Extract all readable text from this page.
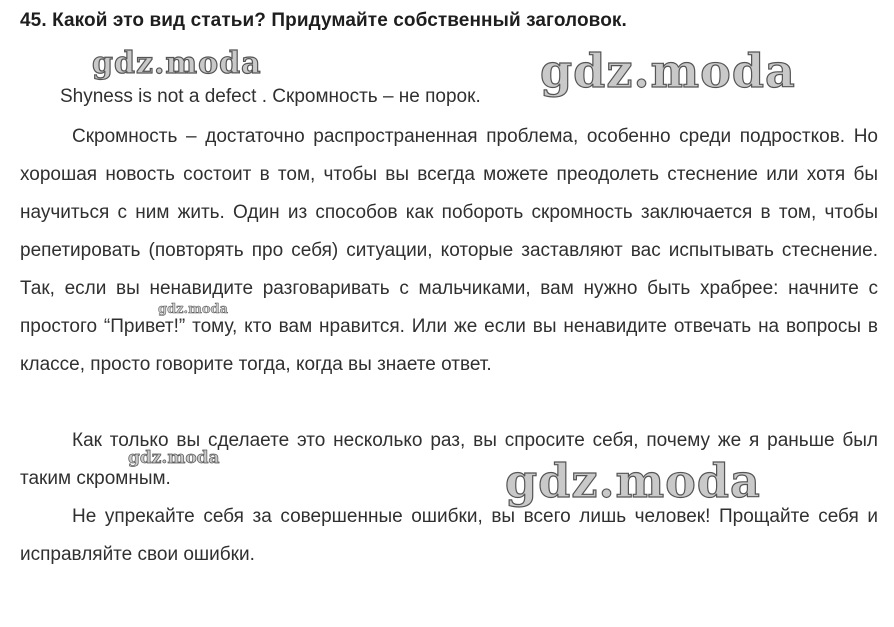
45. Какой это вид статьи? Придумайте собственный заголовок.
Shyness is not a defect . Скромность – не порок.

Скромность – достаточно распространенная проблема, особенно среди подростков. Но хорошая новость состоит в том, чтобы вы всегда можете преодолеть стеснение или хотя бы научиться с ним жить. Один из способов как побороть скромность заключается в том, чтобы репетировать (повторять про себя) ситуации, которые заставляют вас испытывать стеснение. Так, если вы ненавидите разговаривать с мальчиками, вам нужно быть храбрее: начните с простого “Привет!” тому, кто вам нравится. Или же если вы ненавидите отвечать на вопросы в классе, просто говорите тогда, когда вы знаете ответ.

Как только вы сделаете это несколько раз, вы спросите себя, почему же я раньше был таким скромным.

Не упрекайте себя за совершенные ошибки, вы всего лишь человек! Прощайте себя и исправляйте свои ошибки.

gdz.moda	gdz.moda
gdz.moda
gdz.moda	gdz.moda
